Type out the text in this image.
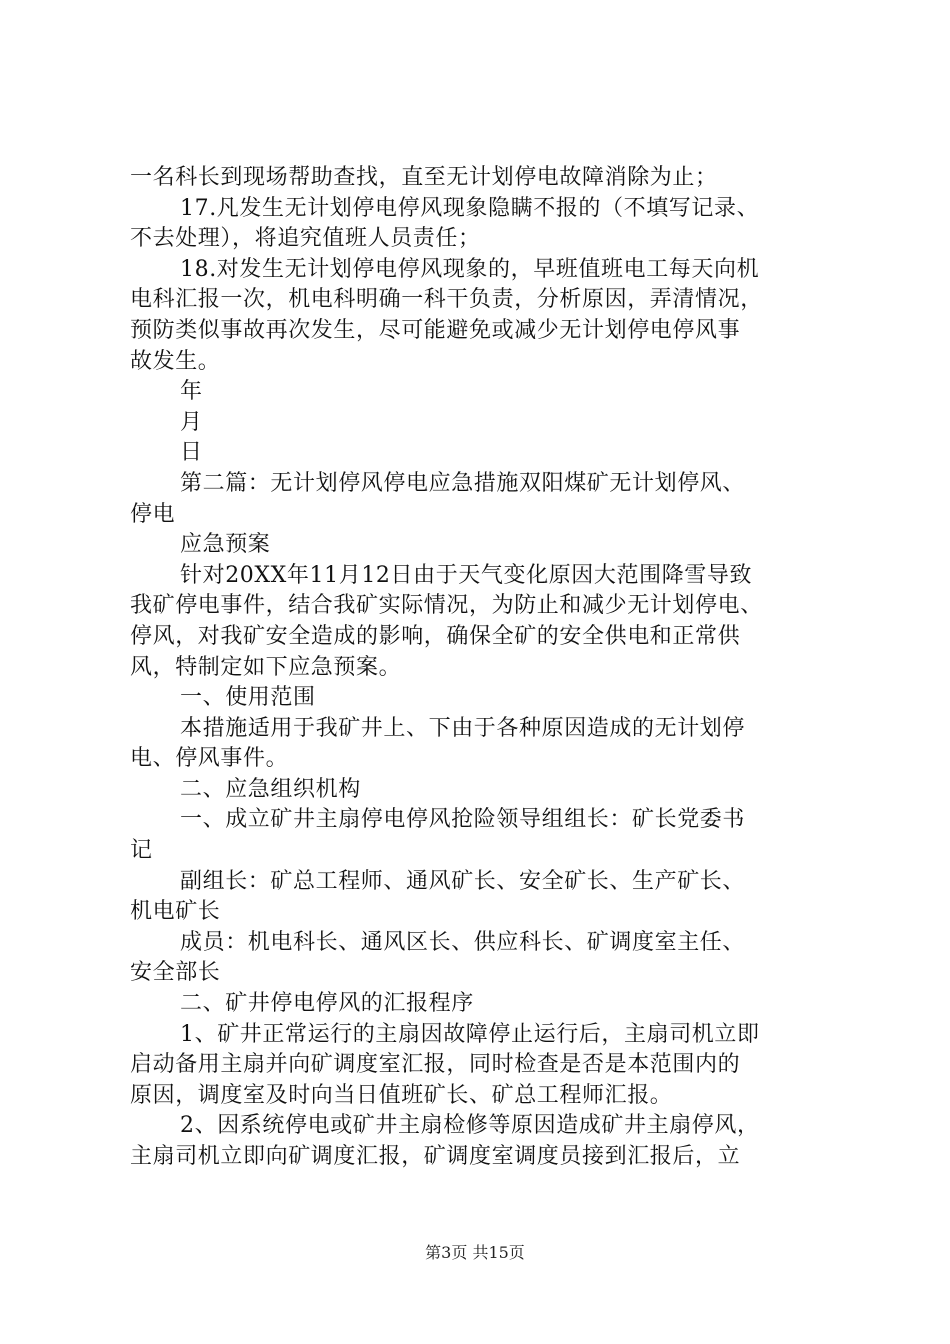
一名科长到现场帮助查找，直至无计划停电故障消除为止；
17.凡发生无计划停电停风现象隐瞒不报的（不填写记录、
不去处理），将追究值班人员责任；
18.对发生无计划停电停风现象的，早班值班电工每天向机
电科汇报一次，机电科明确一科干负责，分析原因，弄清情况，
预防类似事故再次发生，尽可能避免或减少无计划停电停风事
故发生。
年
月
日
第二篇：无计划停风停电应急措施双阳煤矿无计划停风、
停电
应急预案
针对20XX年11月12日由于天气变化原因大范围降雪导致
我矿停电事件，结合我矿实际情况，为防止和减少无计划停电、
停风，对我矿安全造成的影响，确保全矿的安全供电和正常供
风，特制定如下应急预案。
一、使用范围
本措施适用于我矿井上、下由于各种原因造成的无计划停
电、停风事件。
二、应急组织机构
一、成立矿井主扇停电停风抢险领导组组长：矿长党委书
记
副组长：矿总工程师、通风矿长、安全矿长、生产矿长、
机电矿长
成员：机电科长、通风区长、供应科长、矿调度室主任、
安全部长
二、矿井停电停风的汇报程序
1、矿井正常运行的主扇因故障停止运行后，主扇司机立即
启动备用主扇并向矿调度室汇报，同时检查是否是本范围内的
原因，调度室及时向当日值班矿长、矿总工程师汇报。
2、因系统停电或矿井主扇检修等原因造成矿井主扇停风，
主扇司机立即向矿调度汇报，矿调度室调度员接到汇报后，立
第3页 共15页
